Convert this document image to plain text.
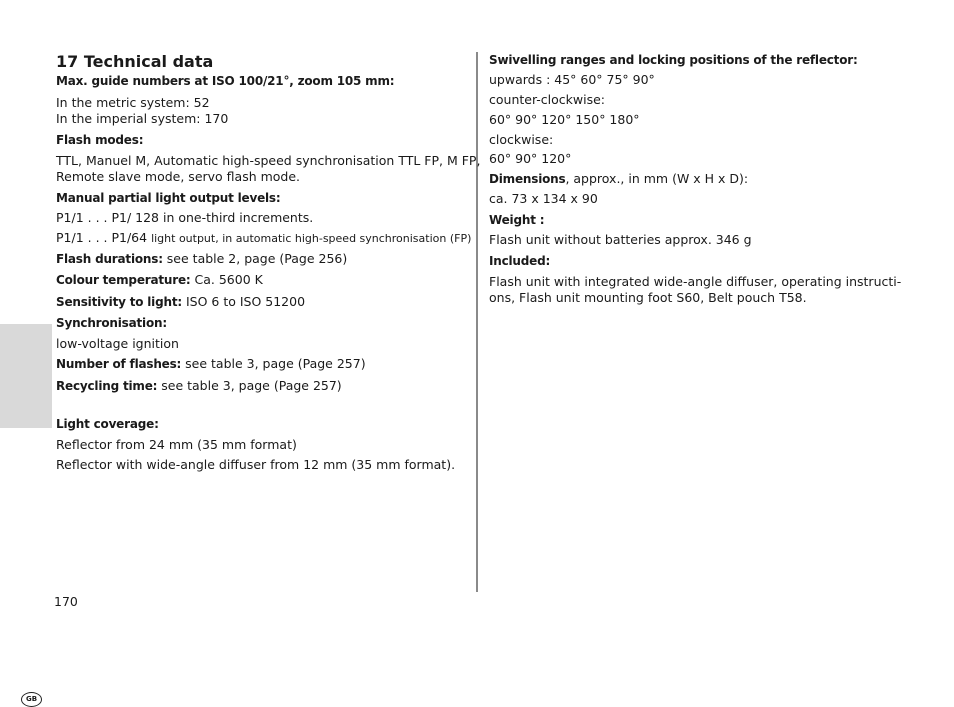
GB
17 Technical data
Max. guide numbers at ISO 100/21°, zoom 105 mm:
In the metric system: 52
In the imperial system: 170
Flash modes:
TTL, Manuel M, Automatic high-speed synchronisation TTL FP, M FP,
Remote slave mode, servo flash mode.
Manual partial light output levels:
P1/1 . . . P1/ 128 in one-third increments.
P1/1 . . . P1/64 light output, in automatic high-speed synchronisation (FP)
Flash durations: see table 2, page (Page 256)
Colour temperature: Ca. 5600 K
Sensitivity to light: ISO 6 to ISO 51200
Synchronisation:
low-voltage ignition
Number of flashes: see table 3, page (Page 257)
Recycling time: see table 3, page (Page 257)
Light coverage:
Reflector from 24 mm (35 mm format)
Reflector with wide-angle diffuser from 12 mm (35 mm format).
170
Swivelling ranges and locking positions of the reflector:
upwards : 45° 60° 75° 90°
counter-clockwise:
60° 90° 120° 150° 180°
clockwise:
60° 90° 120°
Dimensions, approx., in mm (W x H x D):
ca. 73 x 134 x 90
Weight :
Flash unit without batteries approx. 346 g
Included:
Flash unit with integrated wide-angle diffuser, operating instructi-
ons, Flash unit mounting foot S60, Belt pouch T58.
